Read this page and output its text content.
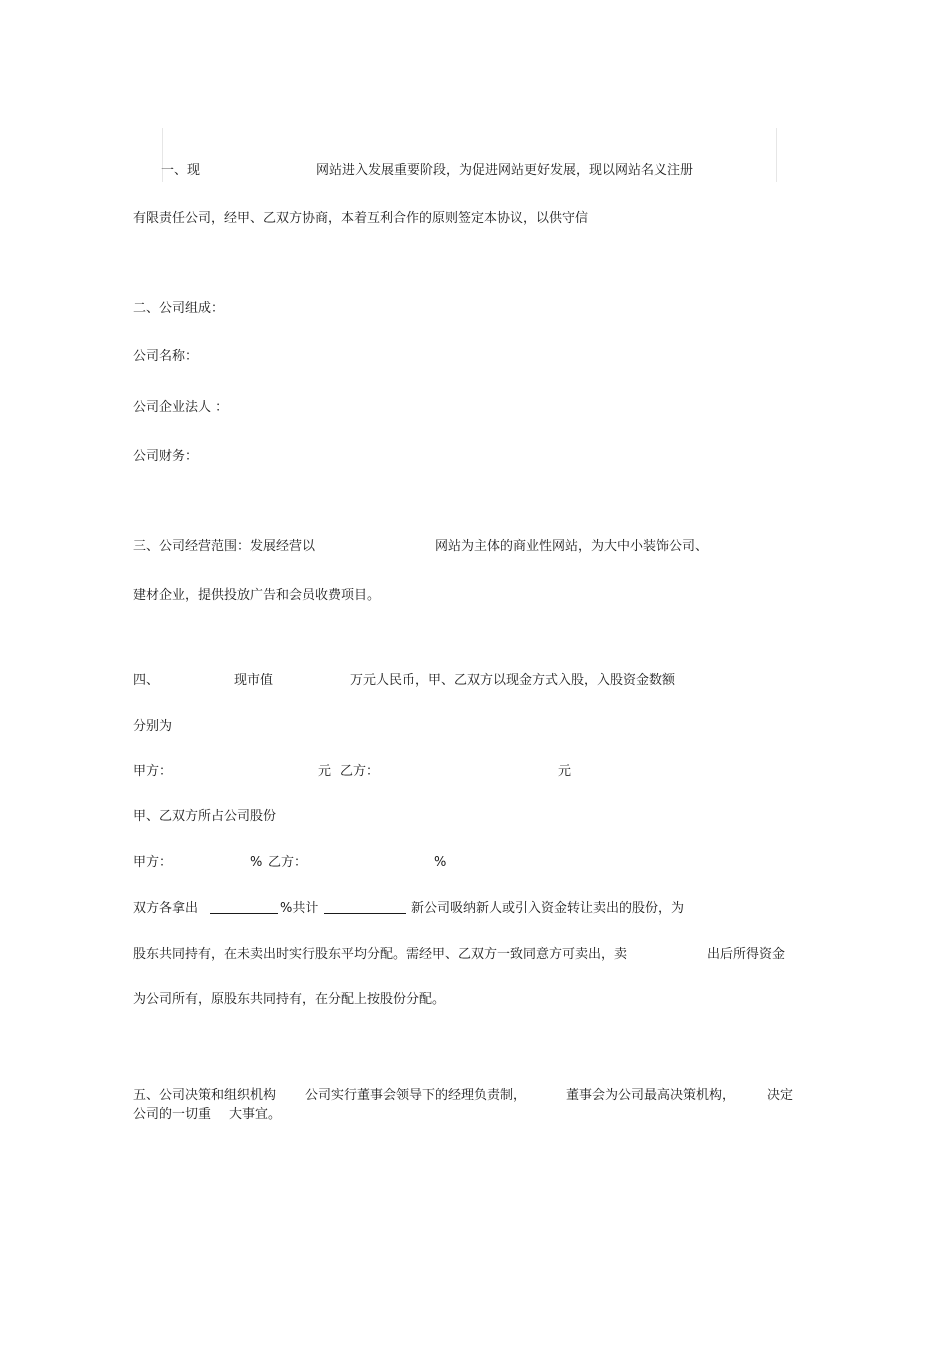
一、现	网站进入发展重要阶段，为促进网站更好发展，现以网站名义注册
有限责任公司，经甲、乙双方协商，本着互利合作的原则签定本协议，以供守信
二、公司组成：
公司名称：
公司企业法人 ：
公司财务：
三、公司经营范围：发展经营以	网站为主体的商业性网站，为大中小装饰公司、
建材企业，提供投放广告和会员收费项目。
四、	现市值	万元人民币，甲、乙双方以现金方式入股，入股资金数额
分别为
甲方：	元 乙方：	元
甲、乙双方所占公司股份
甲方：	% 乙方：	%
双方各拿出	%共计	新公司吸纳新人或引入资金转让卖出的股份，为
股东共同持有，在未卖出时实行股东平均分配。需经甲、乙双方一致同意方可卖出，卖	出后所得资金
为公司所有，原股东共同持有，在分配上按股份分配。
五、公司决策和组织机构 公司实行董事会领导下的经理负责制，	董事会为公司最高决策机构， 决定
公司的一切重 大事宜。
